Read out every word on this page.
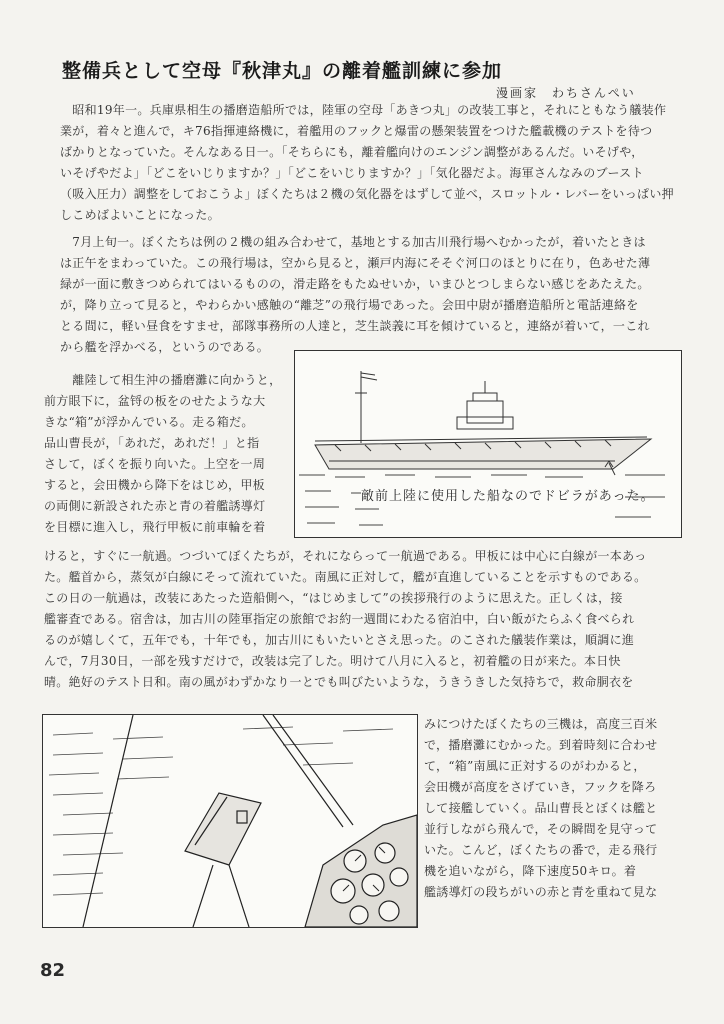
整備兵として空母『秋津丸』の離着艦訓練に参加
漫画家　わちさんぺい
　昭和19年一。兵庫県相生の播磨造船所では，陸軍の空母「あきつ丸」の改装工事と，それにともなう艤装作
業が，着々と進んで，キ76指揮連絡機に，着艦用のフックと爆雷の懸架装置をつけた艦載機のテストを待つ
ばかりとなっていた。そんなある日一。「そちらにも，離着艦向けのエンジン調整があるんだ。いそげや，
いそげやだよ」「どこをいじりますか？」「どこをいじりますか？」「気化器だよ。海軍さんなみのブースト
（吸入圧力）調整をしておこうよ」ぼくたちは２機の気化器をはずして並べ，スロットル・レバーをいっぱい押
しこめばよいことになった。
　7月上旬一。ぼくたちは例の２機の組み合わせて，基地とする加古川飛行場へむかったが，着いたときは
は正午をまわっていた。この飛行場は，空から見ると，瀬戸内海にそそぐ河口のほとりに在り，色あせた薄
緑が一面に敷きつめられてはいるものの，滑走路をもたぬせいか，いまひとつしまらない感じをあたえた。
が，降り立って見ると，やわらかい感触の“離芝”の飛行場であった。会田中尉が播磨造船所と電話連絡を
とる間に，軽い昼食をすませ，部隊事務所の人達と，芝生談義に耳を傾けていると，連絡が着いて，一これ
から艦を浮かべる，というのである。
敵前上陸に使用した船なのでドビラがあった。
　離陸して相生沖の播磨灘に向かうと，
前方眼下に，盆锊の板をのせたような大
きな“箱”が浮かんでいる。走る箱だ。
品山曹長が，「あれだ，あれだ！」と指
さして，ぼくを振り向いた。上空を一周
すると，会田機から降下をはじめ，甲板
の両側に新設された赤と青の着艦誘導灯
を目標に進入し，飛行甲板に前車輪を着
けると，すぐに一航過。つづいてぼくたちが，それにならって一航過である。甲板には中心に白線が一本あっ
た。艦首から，蒸気が白線にそって流れていた。南風に正対して，艦が直進していることを示すものである。
この日の一航過は，改装にあたった造船側へ，“はじめまして”の挨拶飛行のように思えた。正しくは，接
艦審査である。宿舎は，加古川の陸軍指定の旅館でお約一週間にわたる宿泊中，白い飯がたらふく食べられ
るのが嬉しくて，五年でも，十年でも，加古川にもいたいとさえ思った。のこされた艤装作業は，順調に進
んで，7月30日，一部を残すだけで，改装は完了した。明けて八月に入ると，初着艦の日が来た。本日快
晴。絶好のテスト日和。南の風がわずかなり一とでも叫びたいような，うきうきした気持ちで，救命胴衣を
みにつけたぼくたちの三機は，高度三百米
で，播磨灘にむかった。到着時刻に合わせ
て，“箱”南風に正対するのがわかると，
会田機が高度をさげていき，フックを降ろ
して接艦していく。品山曹長とぼくは艦と
並行しながら飛んで，その瞬間を見守って
いた。こんど，ぼくたちの番で，走る飛行
機を追いながら，降下速度50キロ。着
艦誘導灯の段ちがいの赤と青を重ねて見な
82
